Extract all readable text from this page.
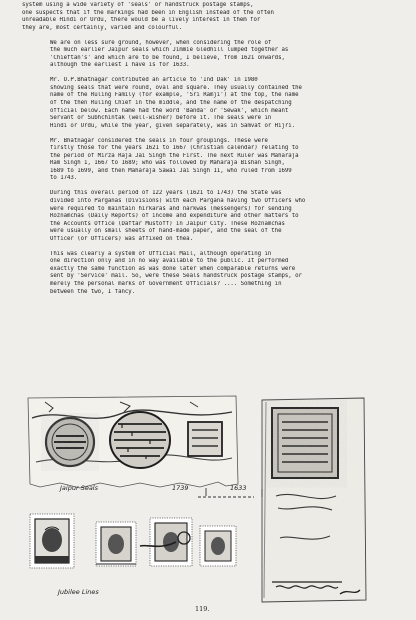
system using a wide variety of 'seals' or handstruck postage stamps,
one suspects that if the markings had been in English instead of the often
unreadable Hindi or Urdu, there would be a lively interest in them for
they are, most certainly, varied and colourful.

We are on less sure ground, however, when considering the role of
the much earlier Jaipur seals which Jimmie Gledhill lumped together as
'Chieftan's' and which are to be found, I believe, from 1621 onwards,
although the earliest I have is for 1633.

Mr. O.P.Bhatnagar contributed an article to 'Ind Dak' in 1980
showing seals that were round, oval and square. They usually contained the
name of the Ruling Family (for example, 'Sri Ramji') at the top, the name
of the then Ruling Chief in the middle, and the name of the despatching
official below. Each name had the word 'Banda' or 'Sewak', which meant
Servant or Subhchintak (well-wisher) before it. The seals were in
Hindi or Urdu, while the year, given separately, was in Samvat or Hijri.

Mr. Bhatnagar considered the seals in four groupings. These were
firstly those for the years 1621 to 1667 (Christian calendar) relating to
the period of Mirza Raja Jai Singh the First. The next Ruler was Maharaja
Ram Singh 1, 1667 to 1689; who was followed by Maharaja Bishan Singh,
1689 to 1699, and then Maharaja Sawai Jai Singh 11, who ruled from 1699
to 1743.

During this overall period of 122 years (1621 to 1743) the State was
divided into Parganas (Divisions) with each Pargana having two Officers who
were required to maintain hirkaras and narkwas (messengers) for sending
Roznamchas (Daily Reports) of income and expenditure and other matters to
the Accounts Office (Daftar Mustoff) in Jaipur City. These Roznamchas
were usually on small sheets of hand-made paper, and the seal of the
Officer (or Officers) was affixed on thea.

This was clearly a system of Official Mail, although operating in
one direction only and in no way available to the public. It performed
exactly the same function as was done later when comparable returns were
sent by 'Service' mail. So, were these Seals handstruck postage stamps, or
merely the personal marks of Government Officials? .... Something in
between the two, I fancy.

Jaipur Seals	1739	1633
Jubilee Lines
119.
